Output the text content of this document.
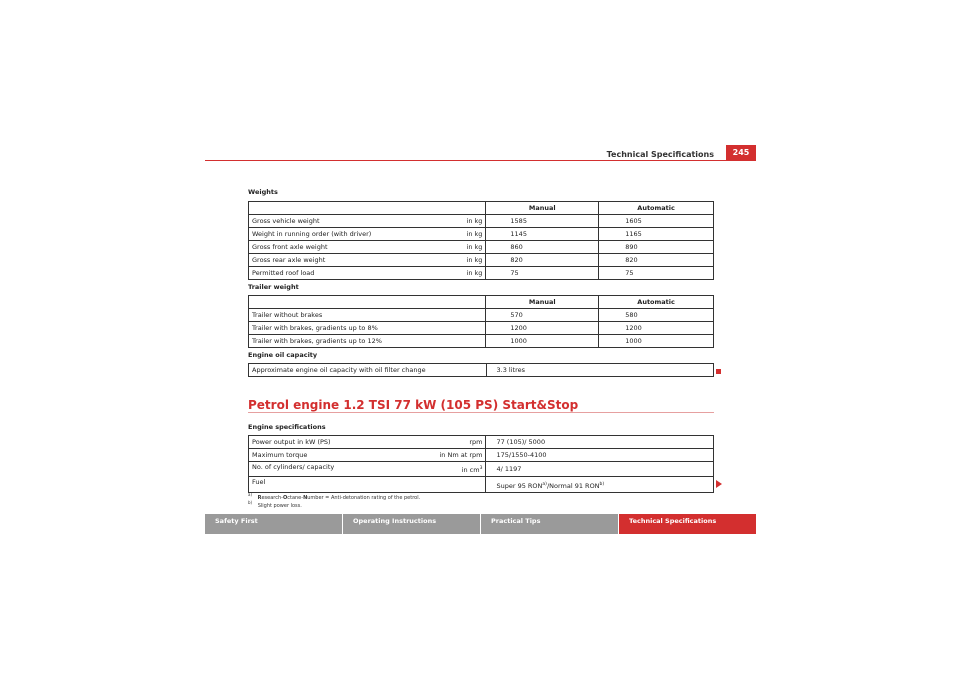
Technical Specifications	245
Weights
	Manual	Automatic

Gross vehicle weight in kg	1585	1605

Weight in running order (with driver) in kg	1145	1165

Gross front axle weight in kg	860	890

Gross rear axle weight in kg	820	820

Permitted roof load in kg	75	75
Trailer weight
	Manual	Automatic
Trailer without brakes	570	580
Trailer with brakes, gradients up to 8%	1200	1200
Trailer with brakes, gradients up to 12%	1000	1000
Engine oil capacity
Approximate engine oil capacity with oil filter change	3.3 litres
Petrol engine 1.2 TSI 77 kW (105 PS) Start&Stop
Engine specifications
Power output in kW (PS) rpm	77 (105)/ 5000

Maximum torque in Nm at rpm	175/1550-4100

No. of cylinders/ capacity in $cm^3$	4/ 1197
Fuel	Super 95 RON$^{a)}$/Normal 91 RON$^{b)}$
$^{a)}$ Research-Octane-Number = Anti-detonation rating of the petrol.
$^{b)}$ Slight power loss.
Safety First	Operating Instructions	Practical Tips	Technical Specifications
